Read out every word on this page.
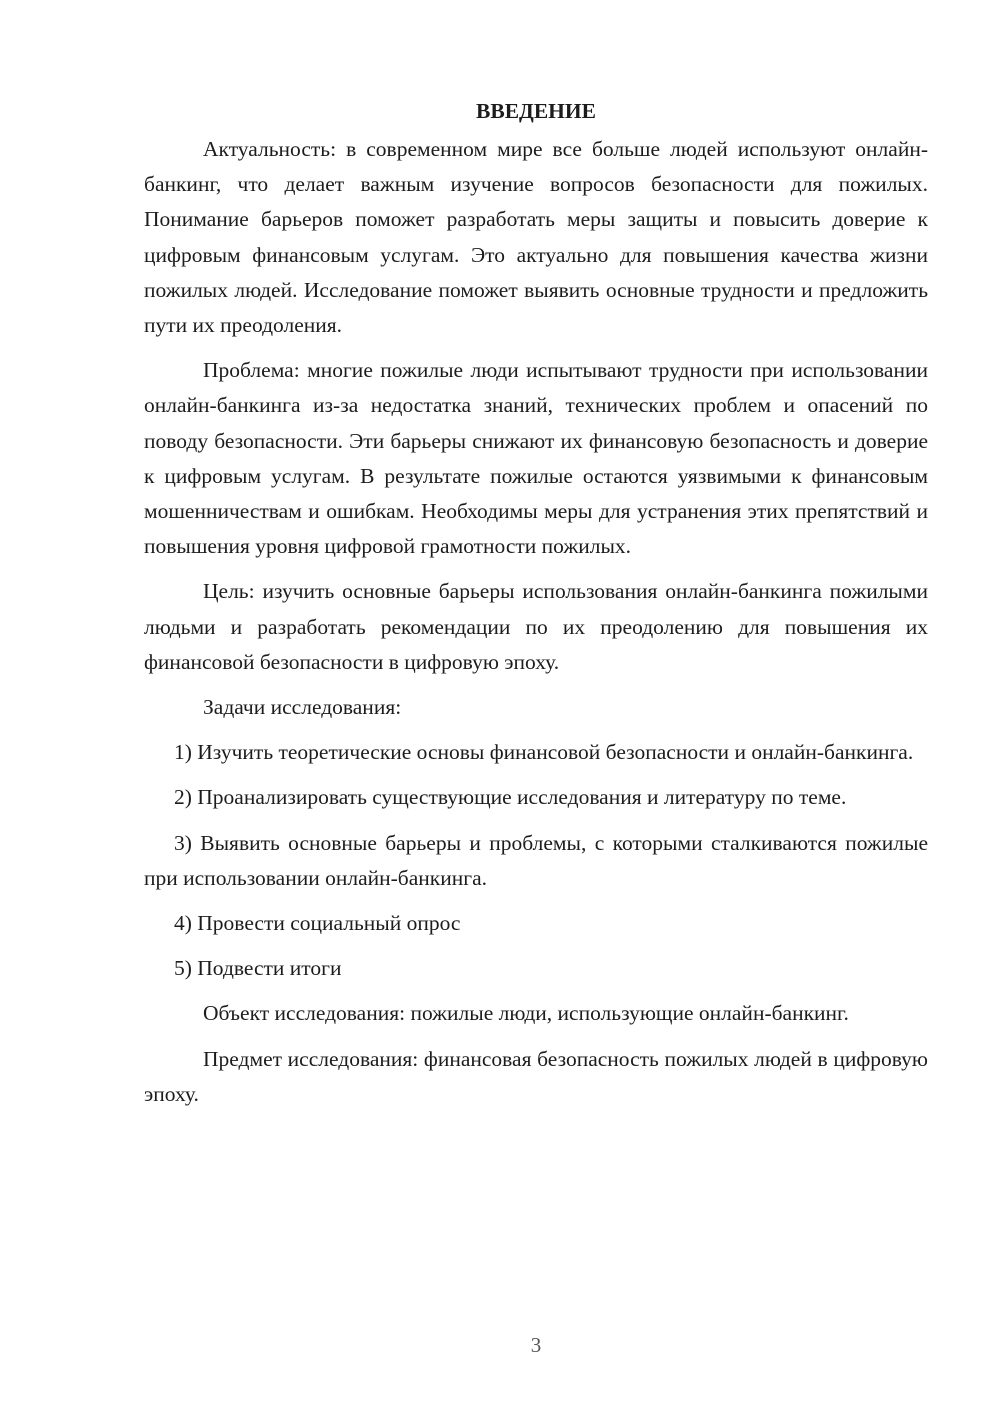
ВВЕДЕНИЕ

Актуальность: в современном мире все больше людей используют онлайн-банкинг, что делает важным изучение вопросов безопасности для пожилых. Понимание барьеров поможет разработать меры защиты и повысить доверие к цифровым финансовым услугам. Это актуально для повышения качества жизни пожилых людей. Исследование поможет выявить основные трудности и предложить пути их преодоления.

Проблема: многие пожилые люди испытывают трудности при использовании онлайн-банкинга из-за недостатка знаний, технических проблем и опасений по поводу безопасности. Эти барьеры снижают их финансовую безопасность и доверие к цифровым услугам. В результате пожилые остаются уязвимыми к финансовым мошенничествам и ошибкам. Необходимы меры для устранения этих препятствий и повышения уровня цифровой грамотности пожилых.

Цель: изучить основные барьеры использования онлайн-банкинга пожилыми людьми и разработать рекомендации по их преодолению для повышения их финансовой безопасности в цифровую эпоху.

Задачи исследования:

1) Изучить теоретические основы финансовой безопасности и онлайн-банкинга.

2) Проанализировать существующие исследования и литературу по теме.

3) Выявить основные барьеры и проблемы, с которыми сталкиваются пожилые при использовании онлайн-банкинга.

4) Провести социальный опрос

5) Подвести итоги

Объект исследования: пожилые люди, использующие онлайн-банкинг.

Предмет исследования: финансовая безопасность пожилых людей в цифровую эпоху.

3
